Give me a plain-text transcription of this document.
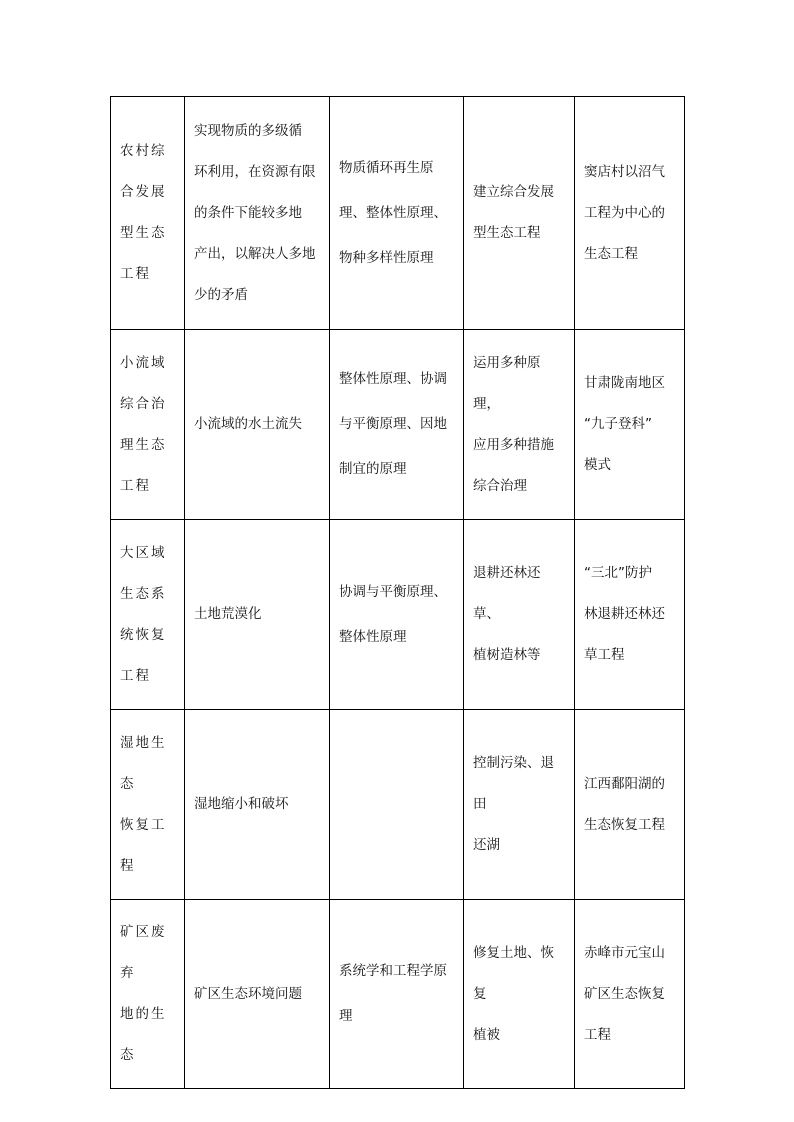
农村综
合发展
型生态
工程	实现物质的多级循
环利用，在资源有限
的条件下能较多地
产出，以解决人多地
少的矛盾	物质循环再生原
理、整体性原理、
物种多样性原理	建立综合发展
型生态工程	窦店村以沼气
工程为中心的
生态工程

小流域
综合治
理生态
工程	小流域的水土流失	整体性原理、协调
与平衡原理、因地
制宜的原理	运用多种原理，
应用多种措施
综合治理	甘肃陇南地区
“九子登科”
模式

大区域
生态系
统恢复
工程	土地荒漠化	协调与平衡原理、
整体性原理	退耕还林还草、
植树造林等	“三北”防护
林退耕还林还
草工程

湿地生
态
恢复工
程	湿地缩小和破坏		控制污染、退田
还湖	江西鄱阳湖的
生态恢复工程

矿区废
弃
地的生
态	矿区生态环境问题	系统学和工程学原
理	修复土地、恢复
植被	赤峰市元宝山
矿区生态恢复
工程
